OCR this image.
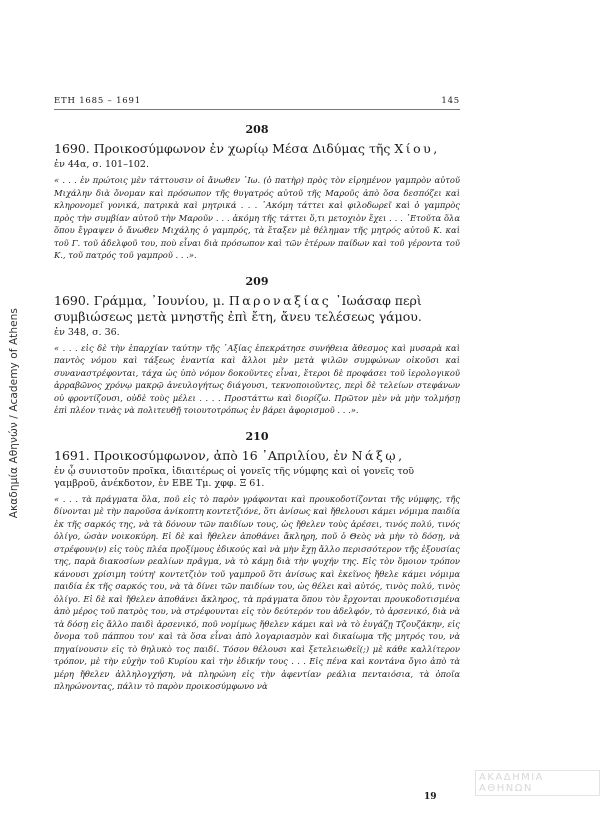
Ακαδημία Αθηνών / Academy of Athens
ΕΤΗ 1685 – 1691	145
208
1690. Προικοσύμφωνον ἐν χωρίῳ Μέσα Διδύμας τῆς Χίου,
ἐν 44α, σ. 101–102.

« . . . ἐν πρώτοις μὲν τάττουσιν οἱ ἄνωθεν ᾿Ιω. (ὁ πατὴρ) πρὸς τὸν εἰρημένον γαμπρὸν αὐτοῦ Μιχάλην διὰ ὄνομαν καὶ πρόσωπον τῆς θυγατρός αὐτοῦ τῆς Μαροῦς ἀπὸ ὅσα δεσπόζει καὶ κληρονομεῖ γονικά, πατρικὰ καὶ μητρικά . . . ᾿Ακόμη τάττει καὶ φιλοδωρεῖ καὶ ὁ γαμπρὸς πρὸς τὴν συμβίαν αὐτοῦ τὴν Μαροῦν . . . ἀκόμη τῆς τάττει ὅ,τι μετοχιὸν ἔχει . . . ᾿Ετοῦτα ὅλα ὅπου ἔγραψεν ὁ ἄνωθεν Μιχάλης ὁ γαμπρός, τὰ ἔταξεν μὲ θέλημαν τῆς μητρός αὐτοῦ Κ. καὶ τοῦ Γ. τοῦ ἀδελφοῦ του, ποὺ εἶναι διὰ πρόσωπον καὶ τῶν ἑτέρων παίδων καὶ τοῦ γέροντα τοῦ Κ., τοῦ πατρός τοῦ γαμπροῦ . . .».

209
1690. Γράμμα, ᾿Ιουνίου, μ. Παροναξίας ᾿Ιωάσαφ περὶ συμβιώσεως μετὰ μνηστῆς ἐπὶ ἔτη, ἄνευ τελέσεως γάμου.
ἐν 348, σ. 36.

« . . . εἰς δὲ τὴν ἐπαρχίαν ταύτην τῆς ᾿Αξίας ἐπεκράτησε συνήθεια ἄθεσμος καὶ μυσαρὰ καὶ παντὸς νόμου καὶ τάξεως ἐναντία καὶ ἄλλοι μὲν μετὰ ψιλῶν συμφώνων οἰκοῦσι καὶ συναναστρέφονται, τάχα ὡς ὑπὸ νόμον δοκοῦντες εἶναι, ἕτεροι δὲ προφάσει τοῦ ἱερολογικοῦ ἀρραβῶνος χρόνῳ μακρῷ ἀνευλογήτως διάγουσι, τεκνοποιοῦντες, περὶ δὲ τελείων στεφάνων οὐ φροντίζουσι, οὐδὲ τοὺς μέλει . . . . Προστάττω καὶ διορίζω. Πρῶτον μὲν νὰ μὴν τολμήσῃ ἐπὶ πλέον τινὰς νὰ πολιτευθῇ τοιουτοτρόπως ἐν βάρει ἀφορισμοῦ . . .».

210
1691. Προικοσύμφωνον, ἀπὸ 16 ᾿Απριλίου, ἐν Νάξῳ,
ἐν ᾧ συνιστοῦν προῖκα, ἰδιαιτέρως οἱ γονεῖς τῆς νύμφης καὶ οἱ γονεῖς τοῦ γαμβροῦ, ἀνέκδοτον, ἐν ΕΒΕ Τμ. χφφ. Ξ 61.

« . . . τὰ πράγματα ὅλα, ποῦ εἰς τὸ παρὸν γράφονται καὶ προυκοδοτίζονται τῆς νύμφης, τῆς δίνονται μὲ τὴν παροῦσα ἀνίκοπτη κοντετζιόνε, ὅτι ἀνίσως καὶ ἤθελουσι κάμει νόμιμα παιδία ἐκ τῆς σαρκός της, νὰ τὰ δόνουν τῶν παιδίων τους, ὡς ἤθελεν τοὺς ἀρέσει, τινός πολύ, τινός ὀλίγο, ὡσὰν νοικοκύρη. Εἰ δὲ καὶ ἤθελεν ἀποθάνει ἄκληρη, ποῦ ὁ Θεὸς νὰ μὴν τὸ δόσῃ, νὰ στρέφουν(ν) εἰς τοὺς πλέα προξίμους ἐδικούς καὶ νὰ μὴν ἔχῃ ἄλλο περισσότερον τῆς ἐξουσίας της, παρὰ διακοσίων ρεαλίων πρᾶγμα, νὰ τὸ κάμῃ διὰ τὴν ψυχήν της. Εἰς τὸν ὅμοιον τρόπον κάνουσι χρίσιμη τούτη' κοντετζιὸν τοῦ γαμπροῦ ὅτι ἀνίσως καὶ ἐκεῖνος ἤθελε κάμει νόμιμα παιδία ἐκ τῆς σαρκός του, νὰ τὰ δίνει τῶν παιδίων του, ὡς θέλει καὶ αὐτός, τινὸς πολύ, τινὸς ὀλίγο. Εἰ δὲ καὶ ἤθελεν ἀποθάνει ἄκληρος, τὰ πράγματα ὅπου τὸν ἔρχονται προυκοδοτισμένα ἀπὸ μέρος τοῦ πατρὸς του, νὰ στρέφουνται εἰς τὸν δεύτερόν του ἀδελφόν, τὸ ἀρσενικό, διὰ νὰ τὰ δόσῃ εἰς ἄλλο παιδὶ ἀρσενικό, ποῦ νομίμως ἤθελεν κάμει καὶ νὰ τὸ ἐυγάζῃ Τζουζάκην, εἰς ὄνομα τοῦ πάππου του' καὶ τὰ ὅσα εἶναι ἀπὸ λογαριασμὸν καὶ δικαίωμα τῆς μητρός του, νὰ πηγαίνουσιν εἰς τὸ θηλυκὸ τος παιδί. Τόσον θέλουσι καὶ ξετελειωθεῖ(;) μὲ κάθε καλλίτερον τρόπον, μὲ τὴν εὐχὴν τοῦ Κυρίου καὶ τὴν ἐδικήν τους . . . Εἰς πένα καὶ κοντάνα ὄγιο ἀπὸ τὰ μέρη ἤθελεν ἀλληλογχήση, νὰ πληρώνη εἰς τὴν ἀφεντίαν ρεάλια πενταιόσια, τὰ ὁποῖα πληρώνοντας, πάλιν τὸ παρὸν προικοσύμφωνο νὰ

19
ΑΚΑΔΗΜΙΑ ΑΘΗΝΩΝ
